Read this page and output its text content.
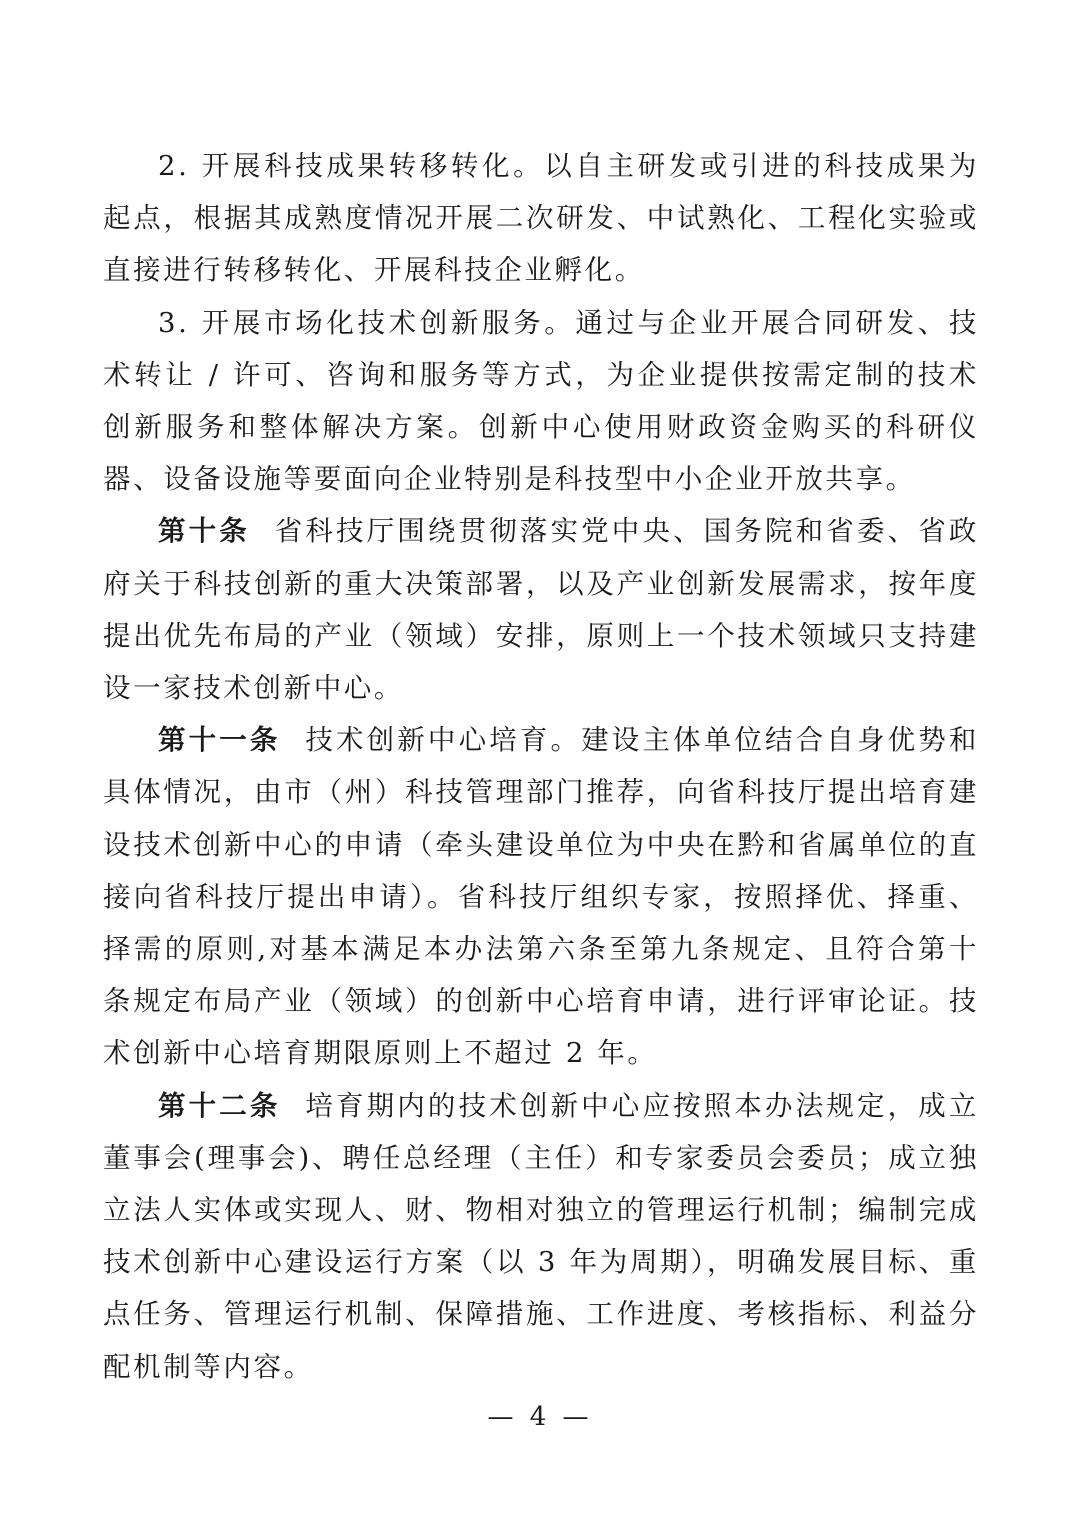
2. 开展科技成果转移转化。以自主研发或引进的科技成果为起点，根据其成熟度情况开展二次研发、中试熟化、工程化实验或直接进行转移转化、开展科技企业孵化。

3. 开展市场化技术创新服务。通过与企业开展合同研发、技术转让 / 许可、咨询和服务等方式，为企业提供按需定制的技术创新服务和整体解决方案。创新中心使用财政资金购买的科研仪器、设备设施等要面向企业特别是科技型中小企业开放共享。

第十条 省科技厅围绕贯彻落实党中央、国务院和省委、省政府关于科技创新的重大决策部署，以及产业创新发展需求，按年度提出优先布局的产业（领域）安排，原则上一个技术领域只支持建设一家技术创新中心。

第十一条 技术创新中心培育。建设主体单位结合自身优势和具体情况，由市（州）科技管理部门推荐，向省科技厅提出培育建设技术创新中心的申请（牵头建设单位为中央在黔和省属单位的直接向省科技厅提出申请）。省科技厅组织专家，按照择优、择重、择需的原则,对基本满足本办法第六条至第九条规定、且符合第十条规定布局产业（领域）的创新中心培育申请，进行评审论证。技术创新中心培育期限原则上不超过 2 年。

第十二条 培育期内的技术创新中心应按照本办法规定，成立董事会(理事会)、聘任总经理（主任）和专家委员会委员；成立独立法人实体或实现人、财、物相对独立的管理运行机制；编制完成技术创新中心建设运行方案（以 3 年为周期），明确发展目标、重点任务、管理运行机制、保障措施、工作进度、考核指标、利益分配机制等内容。

— 4 —
